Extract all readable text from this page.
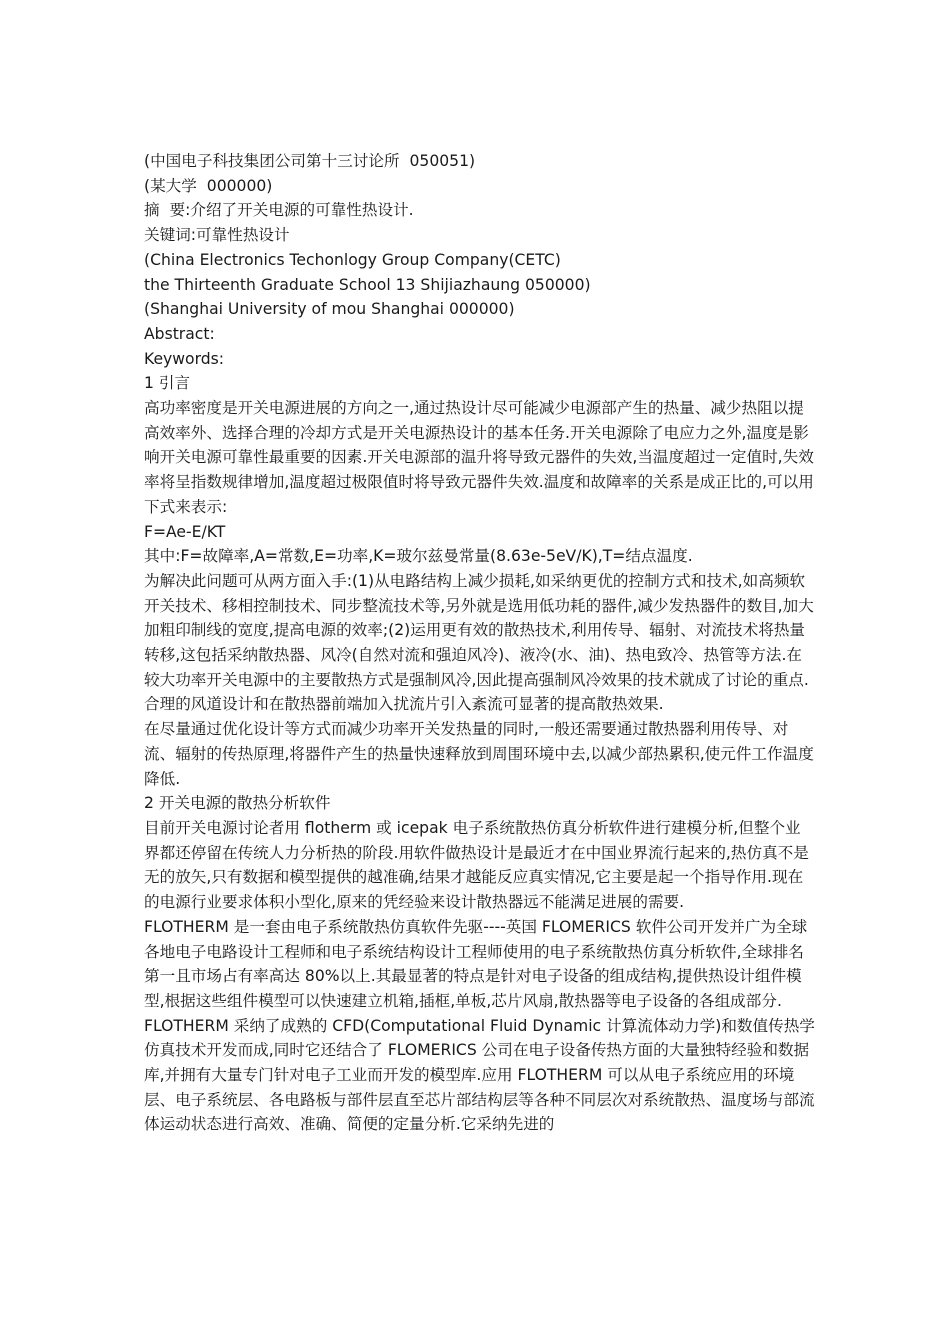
(中国电子科技集团公司第十三讨论所  050051)
(某大学  000000)
摘  要:介绍了开关电源的可靠性热设计.
关键词:可靠性热设计
(China Electronics Techonlogy Group Company(CETC)
the Thirteenth Graduate School 13 Shijiazhaung 050000)
(Shanghai University of mou Shanghai 000000)
Abstract:
Keywords:
1 引言

高功率密度是开关电源进展的方向之一,通过热设计尽可能减少电源部产生的热量、减少热阻以提高效率外、选择合理的冷却方式是开关电源热设计的基本任务.开关电源除了电应力之外,温度是影响开关电源可靠性最重要的因素.开关电源部的温升将导致元器件的失效,当温度超过一定值时,失效率将呈指数规律增加,温度超过极限值时将导致元器件失效.温度和故障率的关系是成正比的,可以用下式来表示:

F=Ae-E/KT
其中:F=故障率,A=常数,E=功率,K=玻尔兹曼常量(8.63e-5eV/K),T=结点温度.

为解决此问题可从两方面入手:(1)从电路结构上减少损耗,如采纳更优的控制方式和技术,如高频软开关技术、移相控制技术、同步整流技术等,另外就是选用低功耗的器件,减少发热器件的数目,加大加粗印制线的宽度,提高电源的效率;(2)运用更有效的散热技术,利用传导、辐射、对流技术将热量转移,这包括采纳散热器、风冷(自然对流和强迫风冷)、液冷(水、油)、热电致冷、热管等方法.在较大功率开关电源中的主要散热方式是强制风冷,因此提高强制风冷效果的技术就成了讨论的重点.合理的风道设计和在散热器前端加入扰流片引入紊流可显著的提高散热效果.

在尽量通过优化设计等方式而减少功率开关发热量的同时,一般还需要通过散热器利用传导、对流、辐射的传热原理,将器件产生的热量快速释放到周围环境中去,以减少部热累积,使元件工作温度降低.

2 开关电源的散热分析软件

目前开关电源讨论者用 flotherm 或 icepak 电子系统散热仿真分析软件进行建模分析,但整个业界都还停留在传统人力分析热的阶段.用软件做热设计是最近才在中国业界流行起来的,热仿真不是无的放矢,只有数据和模型提供的越准确,结果才越能反应真实情况,它主要是起一个指导作用.现在的电源行业要求体积小型化,原来的凭经验来设计散热器远不能满足进展的需要.

FLOTHERM 是一套由电子系统散热仿真软件先驱----英国 FLOMERICS 软件公司开发并广为全球各地电子电路设计工程师和电子系统结构设计工程师使用的电子系统散热仿真分析软件,全球排名第一且市场占有率高达 80%以上.其最显著的特点是针对电子设备的组成结构,提供热设计组件模型,根据这些组件模型可以快速建立机箱,插框,单板,芯片风扇,散热器等电子设备的各组成部分.

FLOTHERM 采纳了成熟的 CFD(Computational Fluid Dynamic 计算流体动力学)和数值传热学仿真技术开发而成,同时它还结合了 FLOMERICS 公司在电子设备传热方面的大量独特经验和数据库,并拥有大量专门针对电子工业而开发的模型库.应用 FLOTHERM 可以从电子系统应用的环境层、电子系统层、各电路板与部件层直至芯片部结构层等各种不同层次对系统散热、温度场与部流体运动状态进行高效、准确、简便的定量分析.它采纳先进的
